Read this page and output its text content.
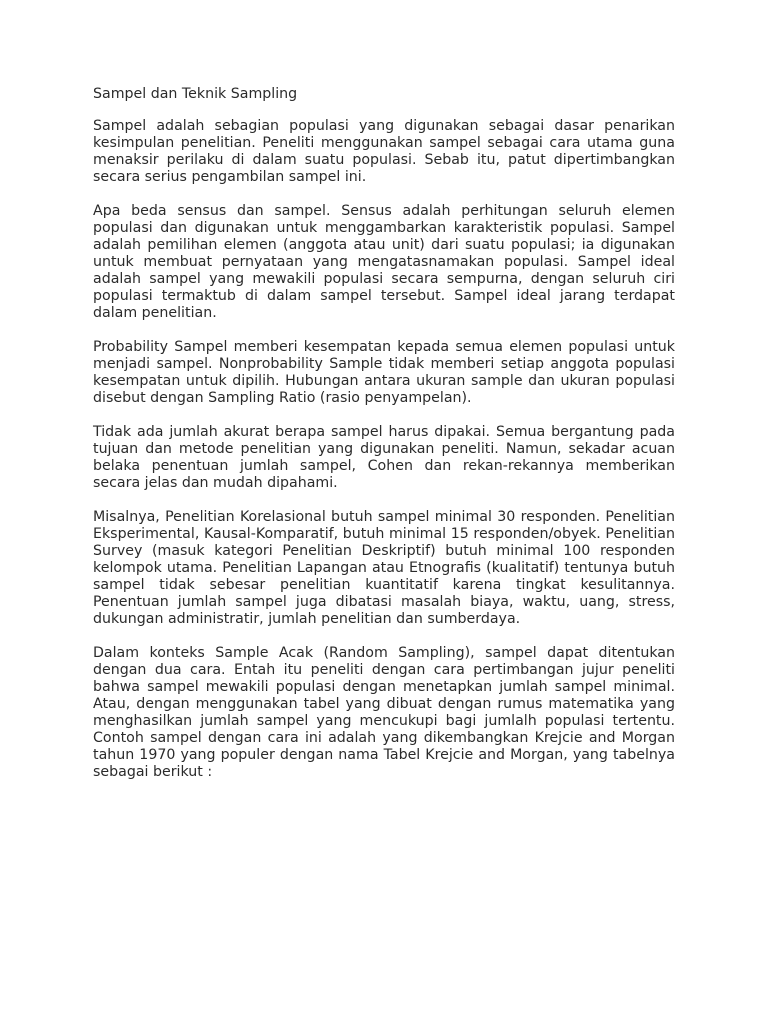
Sampel dan Teknik Sampling

Sampel adalah sebagian populasi yang digunakan sebagai dasar penarikan kesimpulan penelitian. Peneliti menggunakan sampel sebagai cara utama guna menaksir perilaku di dalam suatu populasi. Sebab itu, patut dipertimbangkan secara serius pengambilan sampel ini.

Apa beda sensus dan sampel. Sensus adalah perhitungan seluruh elemen populasi dan digunakan untuk menggambarkan karakteristik populasi. Sampel adalah pemilihan elemen (anggota atau unit) dari suatu populasi; ia digunakan untuk membuat pernyataan yang mengatasnamakan populasi. Sampel ideal adalah sampel yang mewakili populasi secara sempurna, dengan seluruh ciri populasi termaktub di dalam sampel tersebut. Sampel ideal jarang terdapat dalam penelitian.

Probability Sampel memberi kesempatan kepada semua elemen populasi untuk menjadi sampel. Nonprobability Sample tidak memberi setiap anggota populasi kesempatan untuk dipilih. Hubungan antara ukuran sample dan ukuran populasi disebut dengan Sampling Ratio (rasio penyampelan).

Tidak ada jumlah akurat berapa sampel harus dipakai. Semua bergantung pada tujuan dan metode penelitian yang digunakan peneliti. Namun, sekadar acuan belaka penentuan jumlah sampel, Cohen dan rekan-rekannya memberikan secara jelas dan mudah dipahami.

Misalnya, Penelitian Korelasional butuh sampel minimal 30 responden. Penelitian Eksperimental, Kausal-Komparatif, butuh minimal 15 responden/obyek. Penelitian Survey (masuk kategori Penelitian Deskriptif) butuh minimal 100 responden kelompok utama. Penelitian Lapangan atau Etnografis (kualitatif) tentunya butuh sampel tidak sebesar penelitian kuantitatif karena tingkat kesulitannya. Penentuan jumlah sampel juga dibatasi masalah biaya, waktu, uang, stress, dukungan administratir, jumlah penelitian dan sumberdaya.

Dalam konteks Sample Acak (Random Sampling), sampel dapat ditentukan dengan dua cara. Entah itu peneliti dengan cara pertimbangan jujur peneliti bahwa sampel mewakili populasi dengan menetapkan jumlah sampel minimal. Atau, dengan menggunakan tabel yang dibuat dengan rumus matematika yang menghasilkan jumlah sampel yang mencukupi bagi jumlalh populasi tertentu. Contoh sampel dengan cara ini adalah yang dikembangkan Krejcie and Morgan tahun 1970 yang populer dengan nama Tabel Krejcie and Morgan, yang tabelnya sebagai berikut :
